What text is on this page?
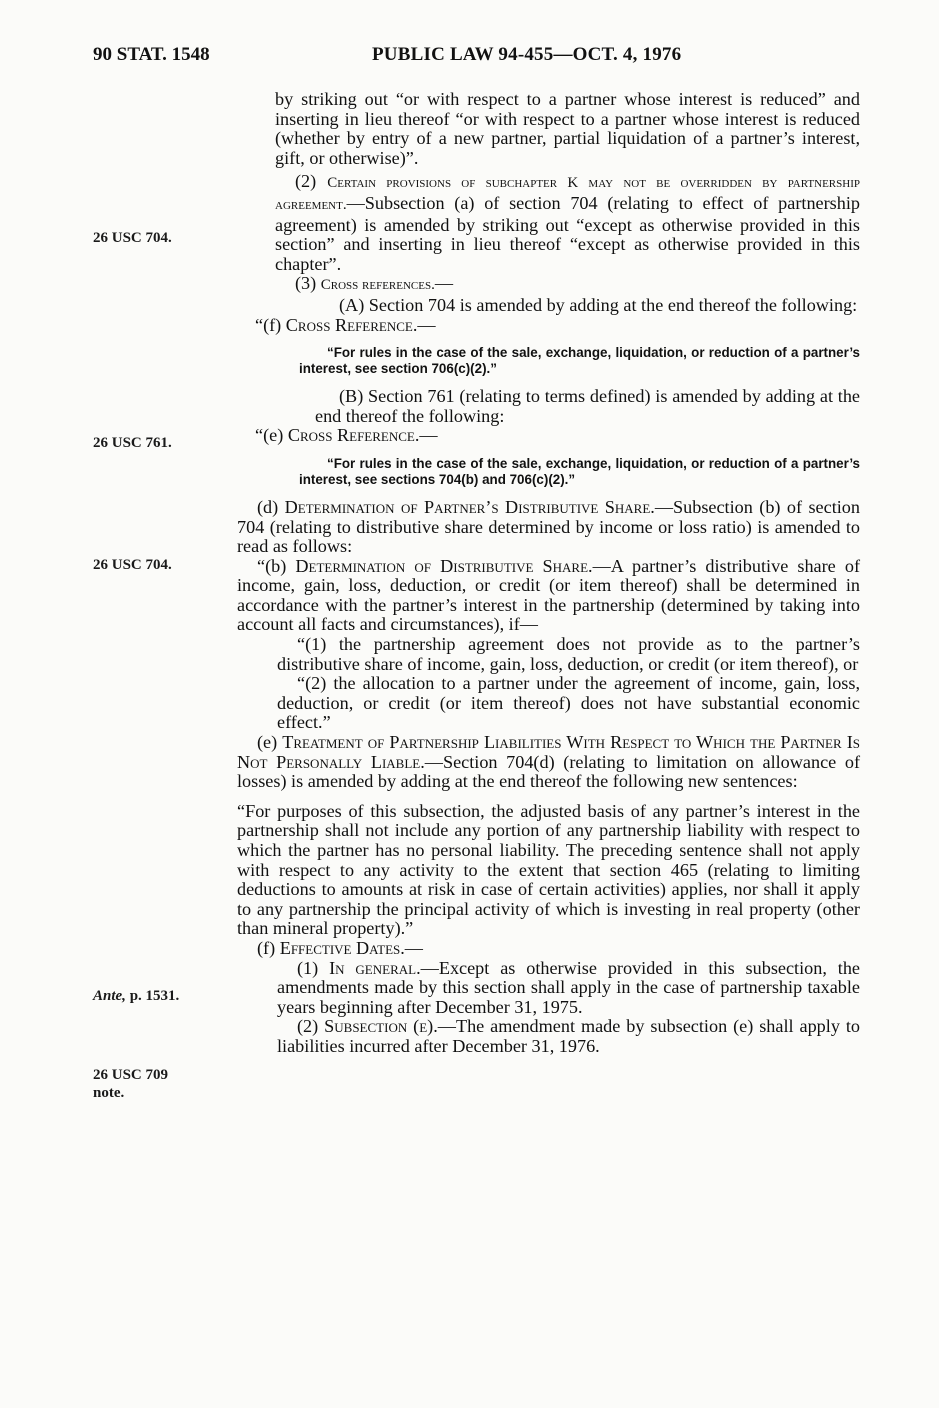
90 STAT. 1548	PUBLIC LAW 94-455—OCT. 4, 1976
26 USC 704.
26 USC 761.
26 USC 704.
Ante, p. 1531.
26 USC 709
note.

by striking out “or with respect to a partner whose interest is reduced” and inserting in lieu thereof “or with respect to a partner whose interest is reduced (whether by entry of a new partner, partial liquidation of a partner’s interest, gift, or otherwise)”.

(2) Certain provisions of subchapter K may not be overridden by partnership agreement.—Subsection (a) of section 704 (relating to effect of partnership agreement) is amended by striking out “except as otherwise provided in this section” and inserting in lieu thereof “except as otherwise provided in this chapter”.

(3) Cross references.—

(A) Section 704 is amended by adding at the end thereof the following:

“(f) Cross Reference.—

“For rules in the case of the sale, exchange, liquidation, or reduction of a partner’s interest, see section 706(c)(2).”

(B) Section 761 (relating to terms defined) is amended by adding at the end thereof the following:

“(e) Cross Reference.—

“For rules in the case of the sale, exchange, liquidation, or reduction of a partner’s interest, see sections 704(b) and 706(c)(2).”

(d) Determination of Partner’s Distributive Share.—Subsection (b) of section 704 (relating to distributive share determined by income or loss ratio) is amended to read as follows:

“(b) Determination of Distributive Share.—A partner’s distributive share of income, gain, loss, deduction, or credit (or item thereof) shall be determined in accordance with the partner’s interest in the partnership (determined by taking into account all facts and circumstances), if—

“(1) the partnership agreement does not provide as to the partner’s distributive share of income, gain, loss, deduction, or credit (or item thereof), or

“(2) the allocation to a partner under the agreement of income, gain, loss, deduction, or credit (or item thereof) does not have substantial economic effect.”

(e) Treatment of Partnership Liabilities With Respect to Which the Partner Is Not Personally Liable.—Section 704(d) (relating to limitation on allowance of losses) is amended by adding at the end thereof the following new sentences:

“For purposes of this subsection, the adjusted basis of any partner’s interest in the partnership shall not include any portion of any partnership liability with respect to which the partner has no personal liability. The preceding sentence shall not apply with respect to any activity to the extent that section 465 (relating to limiting deductions to amounts at risk in case of certain activities) applies, nor shall it apply to any partnership the principal activity of which is investing in real property (other than mineral property).”

(f) Effective Dates.—

(1) In general.—Except as otherwise provided in this subsection, the amendments made by this section shall apply in the case of partnership taxable years beginning after December 31, 1975.

(2) Subsection (e).—The amendment made by subsection (e) shall apply to liabilities incurred after December 31, 1976.
